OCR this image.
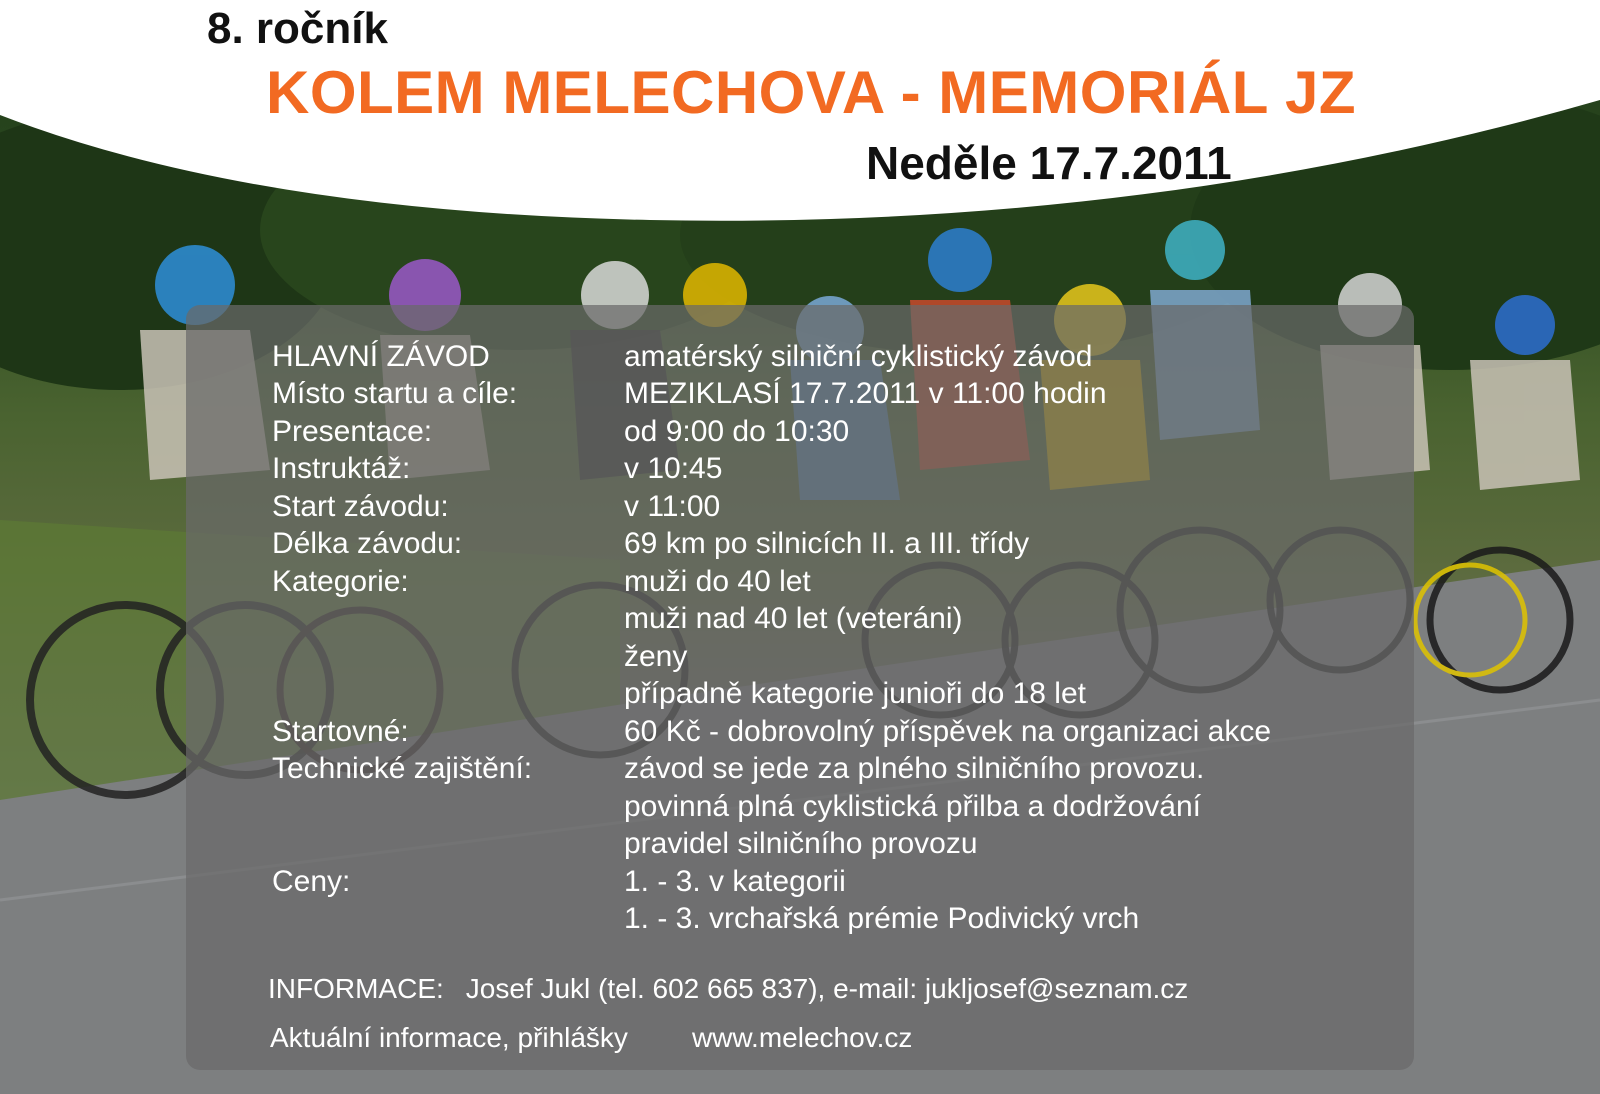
8. ročník
KOLEM MELECHOVA - MEMORIÁL JZ
Neděle 17.7.2011
HLAVNÍ ZÁVOD	amatérský silniční cyklistický závod
Místo startu a cíle:	MEZIKLASÍ 17.7.2011 v 11:00 hodin
Presentace:	od 9:00 do 10:30
Instruktáž:	v 10:45
Start závodu:	v 11:00
Délka závodu:	69 km po silnicích II. a III. třídy
Kategorie:	muži do 40 let
muži nad 40 let (veteráni)
ženy
případně kategorie junioři do 18 let
Startovné:	60 Kč - dobrovolný příspěvek na organizaci akce
Technické zajištění:	závod se jede za plného silničního provozu.
povinná plná cyklistická přilba a dodržování
pravidel silničního provozu
Ceny:	1. - 3. v kategorii
1. - 3. vrchařská prémie Podivický vrch
INFORMACE: Josef Jukl (tel. 602 665 837), e-mail: jukljosef@seznam.cz
Aktuální informace, přihlášky www.melechov.cz
